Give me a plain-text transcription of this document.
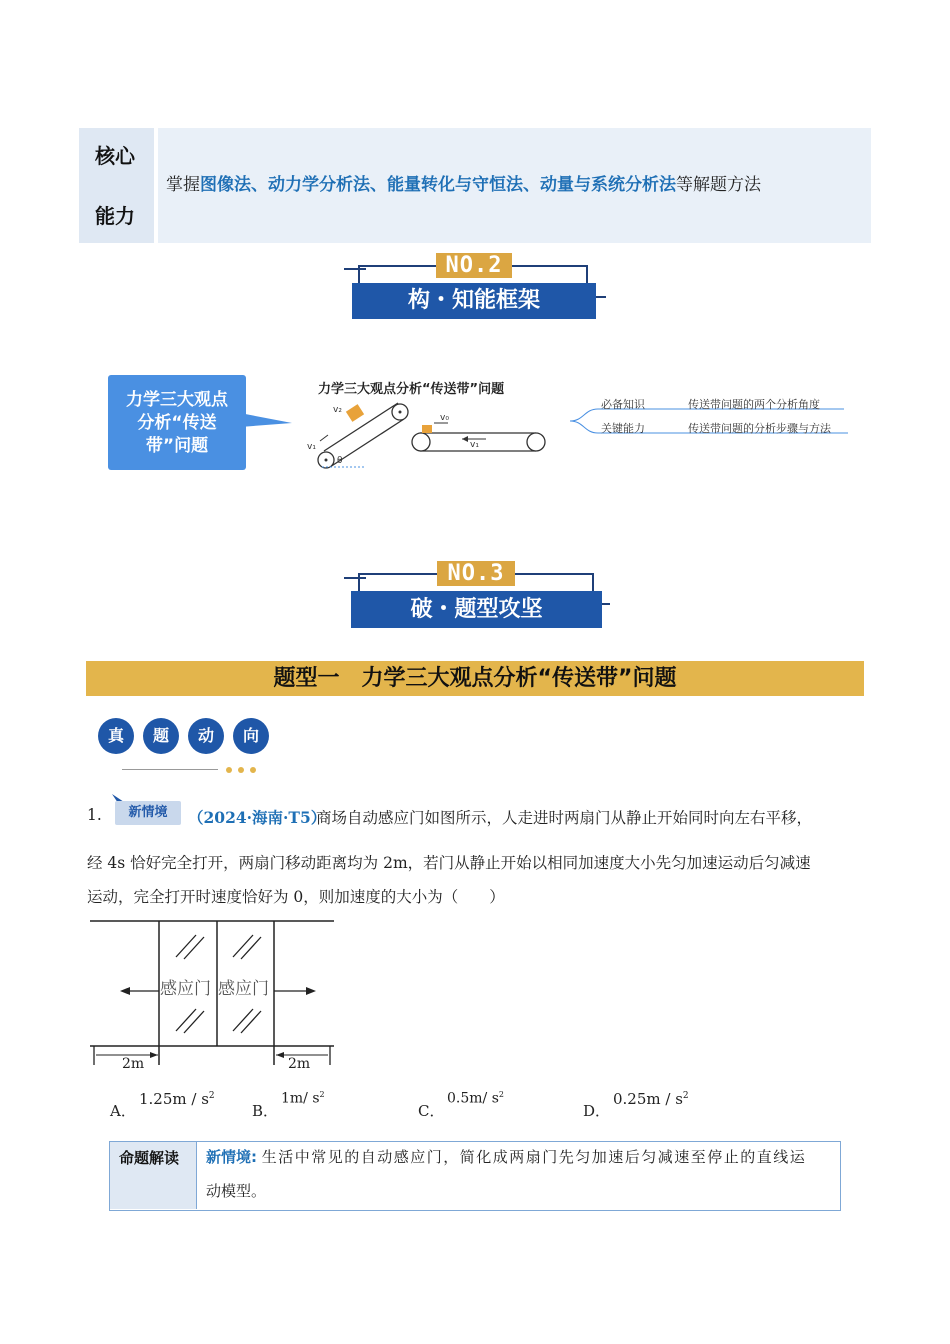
核心
能力
掌握图像法、动力学分析法、能量转化与守恒法、动量与系统分析法等解题方法
NO.2
构・知能框架
力学三大观点分析“传送带”问题
力学三大观点分析“传送带”问题
v₂
v₁
θ
v₀
v₁
必备知识	传送带问题的两个分析角度
关键能力	传送带问题的分析步骤与方法
NO.3
破・题型攻坚
题型一　力学三大观点分析“传送带”问题
真	题	动	向
1.	新情境	（2024·海南·T5）
商场自动感应门如图所示，人走进时两扇门从静止开始同时向左右平移，
经 4s 恰好完全打开，两扇门移动距离均为 2m，若门从静止开始以相同加速度大小先匀加速运动后匀减速
运动，完全打开时速度恰好为 0，则加速度的大小为（　　）
感应门 感应门
2m	2m
A．
$1.25m / s^2$
B．
1m/ $s^2$
C．
0.5m/ $s^2$
D．
$0.25m / s^2$
命题解读	新情境: 生活中常见的自动感应门，简化成两扇门先匀加速后匀减速至停止的直线运
动模型。
